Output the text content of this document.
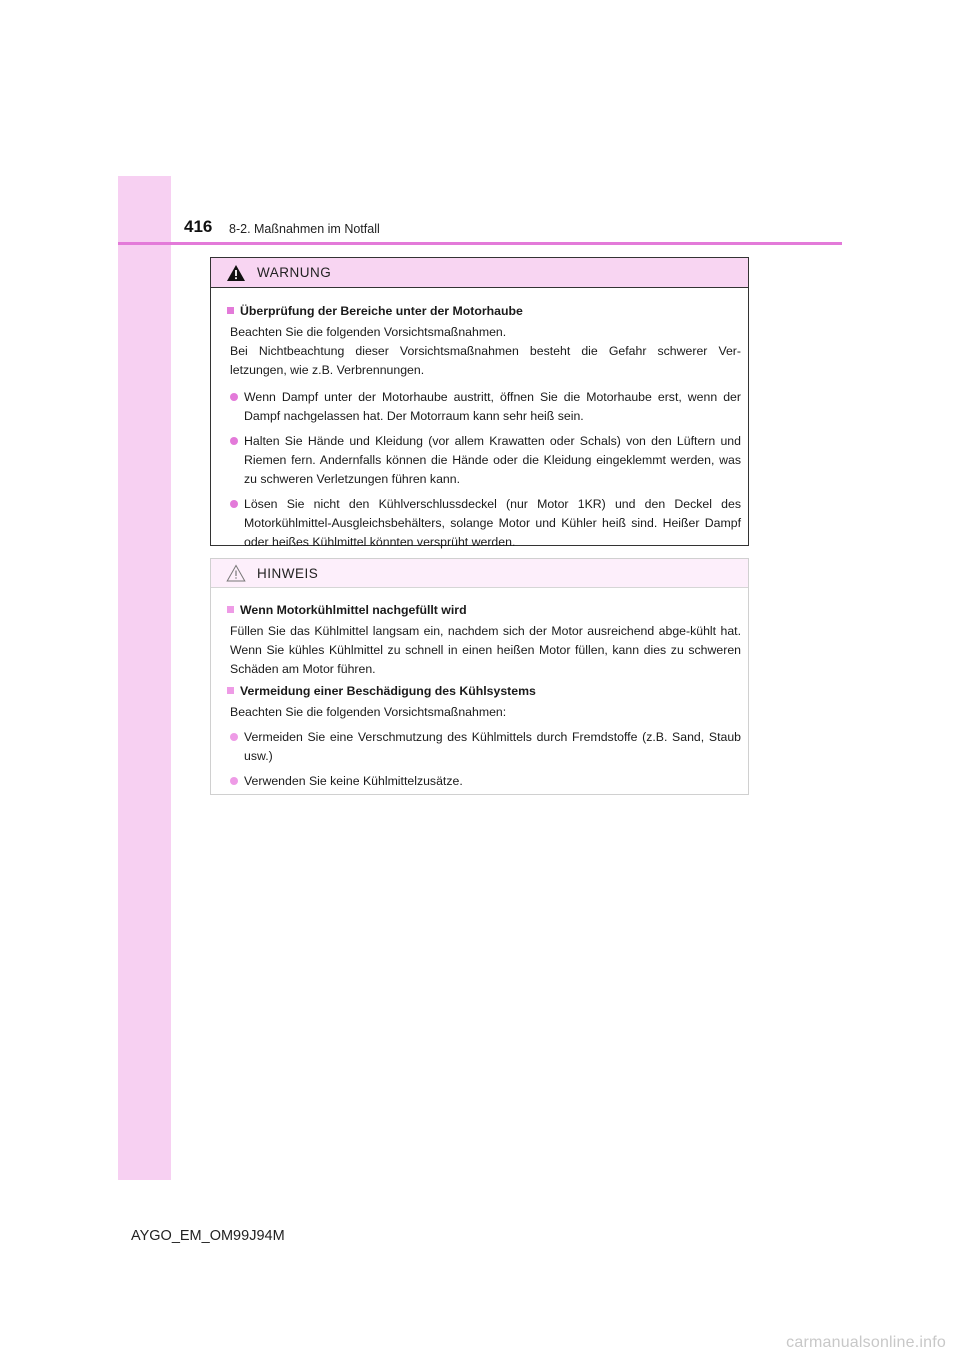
416 8-2. Maßnahmen im Notfall
WARNUNG
Überprüfung der Bereiche unter der Motorhaube
Beachten Sie die folgenden Vorsichtsmaßnahmen.
Bei Nichtbeachtung dieser Vorsichtsmaßnahmen besteht die Gefahr schwerer Ver-
letzungen, wie z.B. Verbrennungen.
Wenn Dampf unter der Motorhaube austritt, öffnen Sie die Motorhaube erst, wenn der Dampf nachgelassen hat. Der Motorraum kann sehr heiß sein.
Halten Sie Hände und Kleidung (vor allem Krawatten oder Schals) von den Lüftern und Riemen fern. Andernfalls können die Hände oder die Kleidung eingeklemmt werden, was zu schweren Verletzungen führen kann.
Lösen Sie nicht den Kühlverschlussdeckel (nur Motor 1KR) und den Deckel des Motorkühlmittel-Ausgleichsbehälters, solange Motor und Kühler heiß sind. Heißer Dampf oder heißes Kühlmittel könnten versprüht werden.
HINWEIS
Wenn Motorkühlmittel nachgefüllt wird
Füllen Sie das Kühlmittel langsam ein, nachdem sich der Motor ausreichend abge-kühlt hat. Wenn Sie kühles Kühlmittel zu schnell in einen heißen Motor füllen, kann dies zu schweren Schäden am Motor führen.
Vermeidung einer Beschädigung des Kühlsystems
Beachten Sie die folgenden Vorsichtsmaßnahmen:
Vermeiden Sie eine Verschmutzung des Kühlmittels durch Fremdstoffe (z.B. Sand, Staub usw.)
Verwenden Sie keine Kühlmittelzusätze.
AYGO_EM_OM99J94M
carmanualsonline.info
